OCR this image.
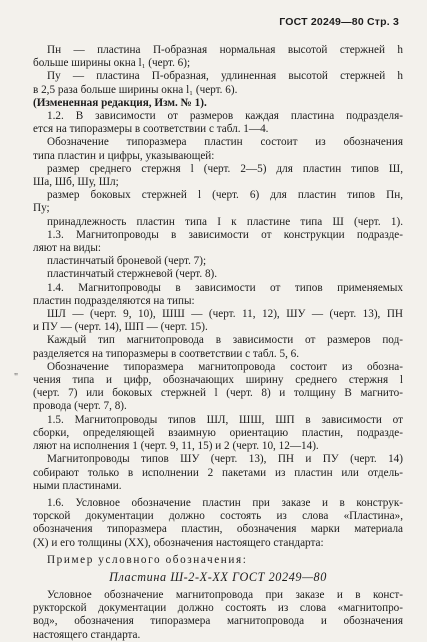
ГОСТ 20249—80 Стр. 3
"
Пн — пластина П-образная нормальная высотой стержней h
больше ширины окна l₁ (черт. 6);
Пу — пластина П-образная, удлиненная высотой стержней h
в 2,5 раза больше ширины окна l₁ (черт. 6).
(Измененная редакция, Изм. № 1).
1.2. В зависимости от размеров каждая пластина подразделя-
ется на типоразмеры в соответствии с табл. 1—4.
Обозначение типоразмера пластин состоит из обозначения
типа пластин и цифры, указывающей:
размер среднего стержня l (черт. 2—5) для пластин типов Ш,
Ша, Шб, Шу, Шл;
размер боковых стержней l (черт. 6) для пластин типов Пн,
Пу;
принадлежность пластин типа I к пластине типа Ш (черт. 1).
1.3. Магнитопроводы в зависимости от конструкции подразде-
ляют на виды:
пластинчатый броневой (черт. 7);
пластинчатый стержневой (черт. 8).
1.4. Магнитопроводы в зависимости от типов применяемых
пластин подразделяются на типы:
ШЛ — (черт. 9, 10), ШШ — (черт. 11, 12), ШУ — (черт. 13), ПН
и ПУ — (черт. 14), ШП — (черт. 15).
Каждый тип магнитопровода в зависимости от размеров под-
разделяется на типоразмеры в соответствии с табл. 5, 6.
Обозначение типоразмера магнитопровода состоит из обозна-
чения типа и цифр, обозначающих ширину среднего стержня l
(черт. 7) или боковых стержней l (черт. 8) и толщину B магнито-
провода (черт. 7, 8).
1.5. Магнитопроводы типов ШЛ, ШШ, ШП в зависимости от
сборки, определяющей взаимную ориентацию пластин, подразде-
ляют на исполнения 1 (черт. 9, 11, 15) и 2 (черт. 10, 12—14).
Магнитопроводы типов ШУ (черт. 13), ПН и ПУ (черт. 14)
собирают только в исполнении 2 пакетами из пластин или отдель-
ными пластинами.
1.6. Условное обозначение пластин при заказе и в конструк-
торской документации должно состоять из слова «Пластина»,
обозначения типоразмера пластин, обозначения марки материала
(X) и его толщины (XX), обозначения настоящего стандарта:
Пример условного обозначения:
Пластина Ш-2-X-XX ГОСТ 20249—80
Условное обозначение магнитопровода при заказе и в конст-
рукторской документации должно состоять из слова «магнитопро-
вод», обозначения типоразмера магнитопровода и обозначения
настоящего стандарта.
